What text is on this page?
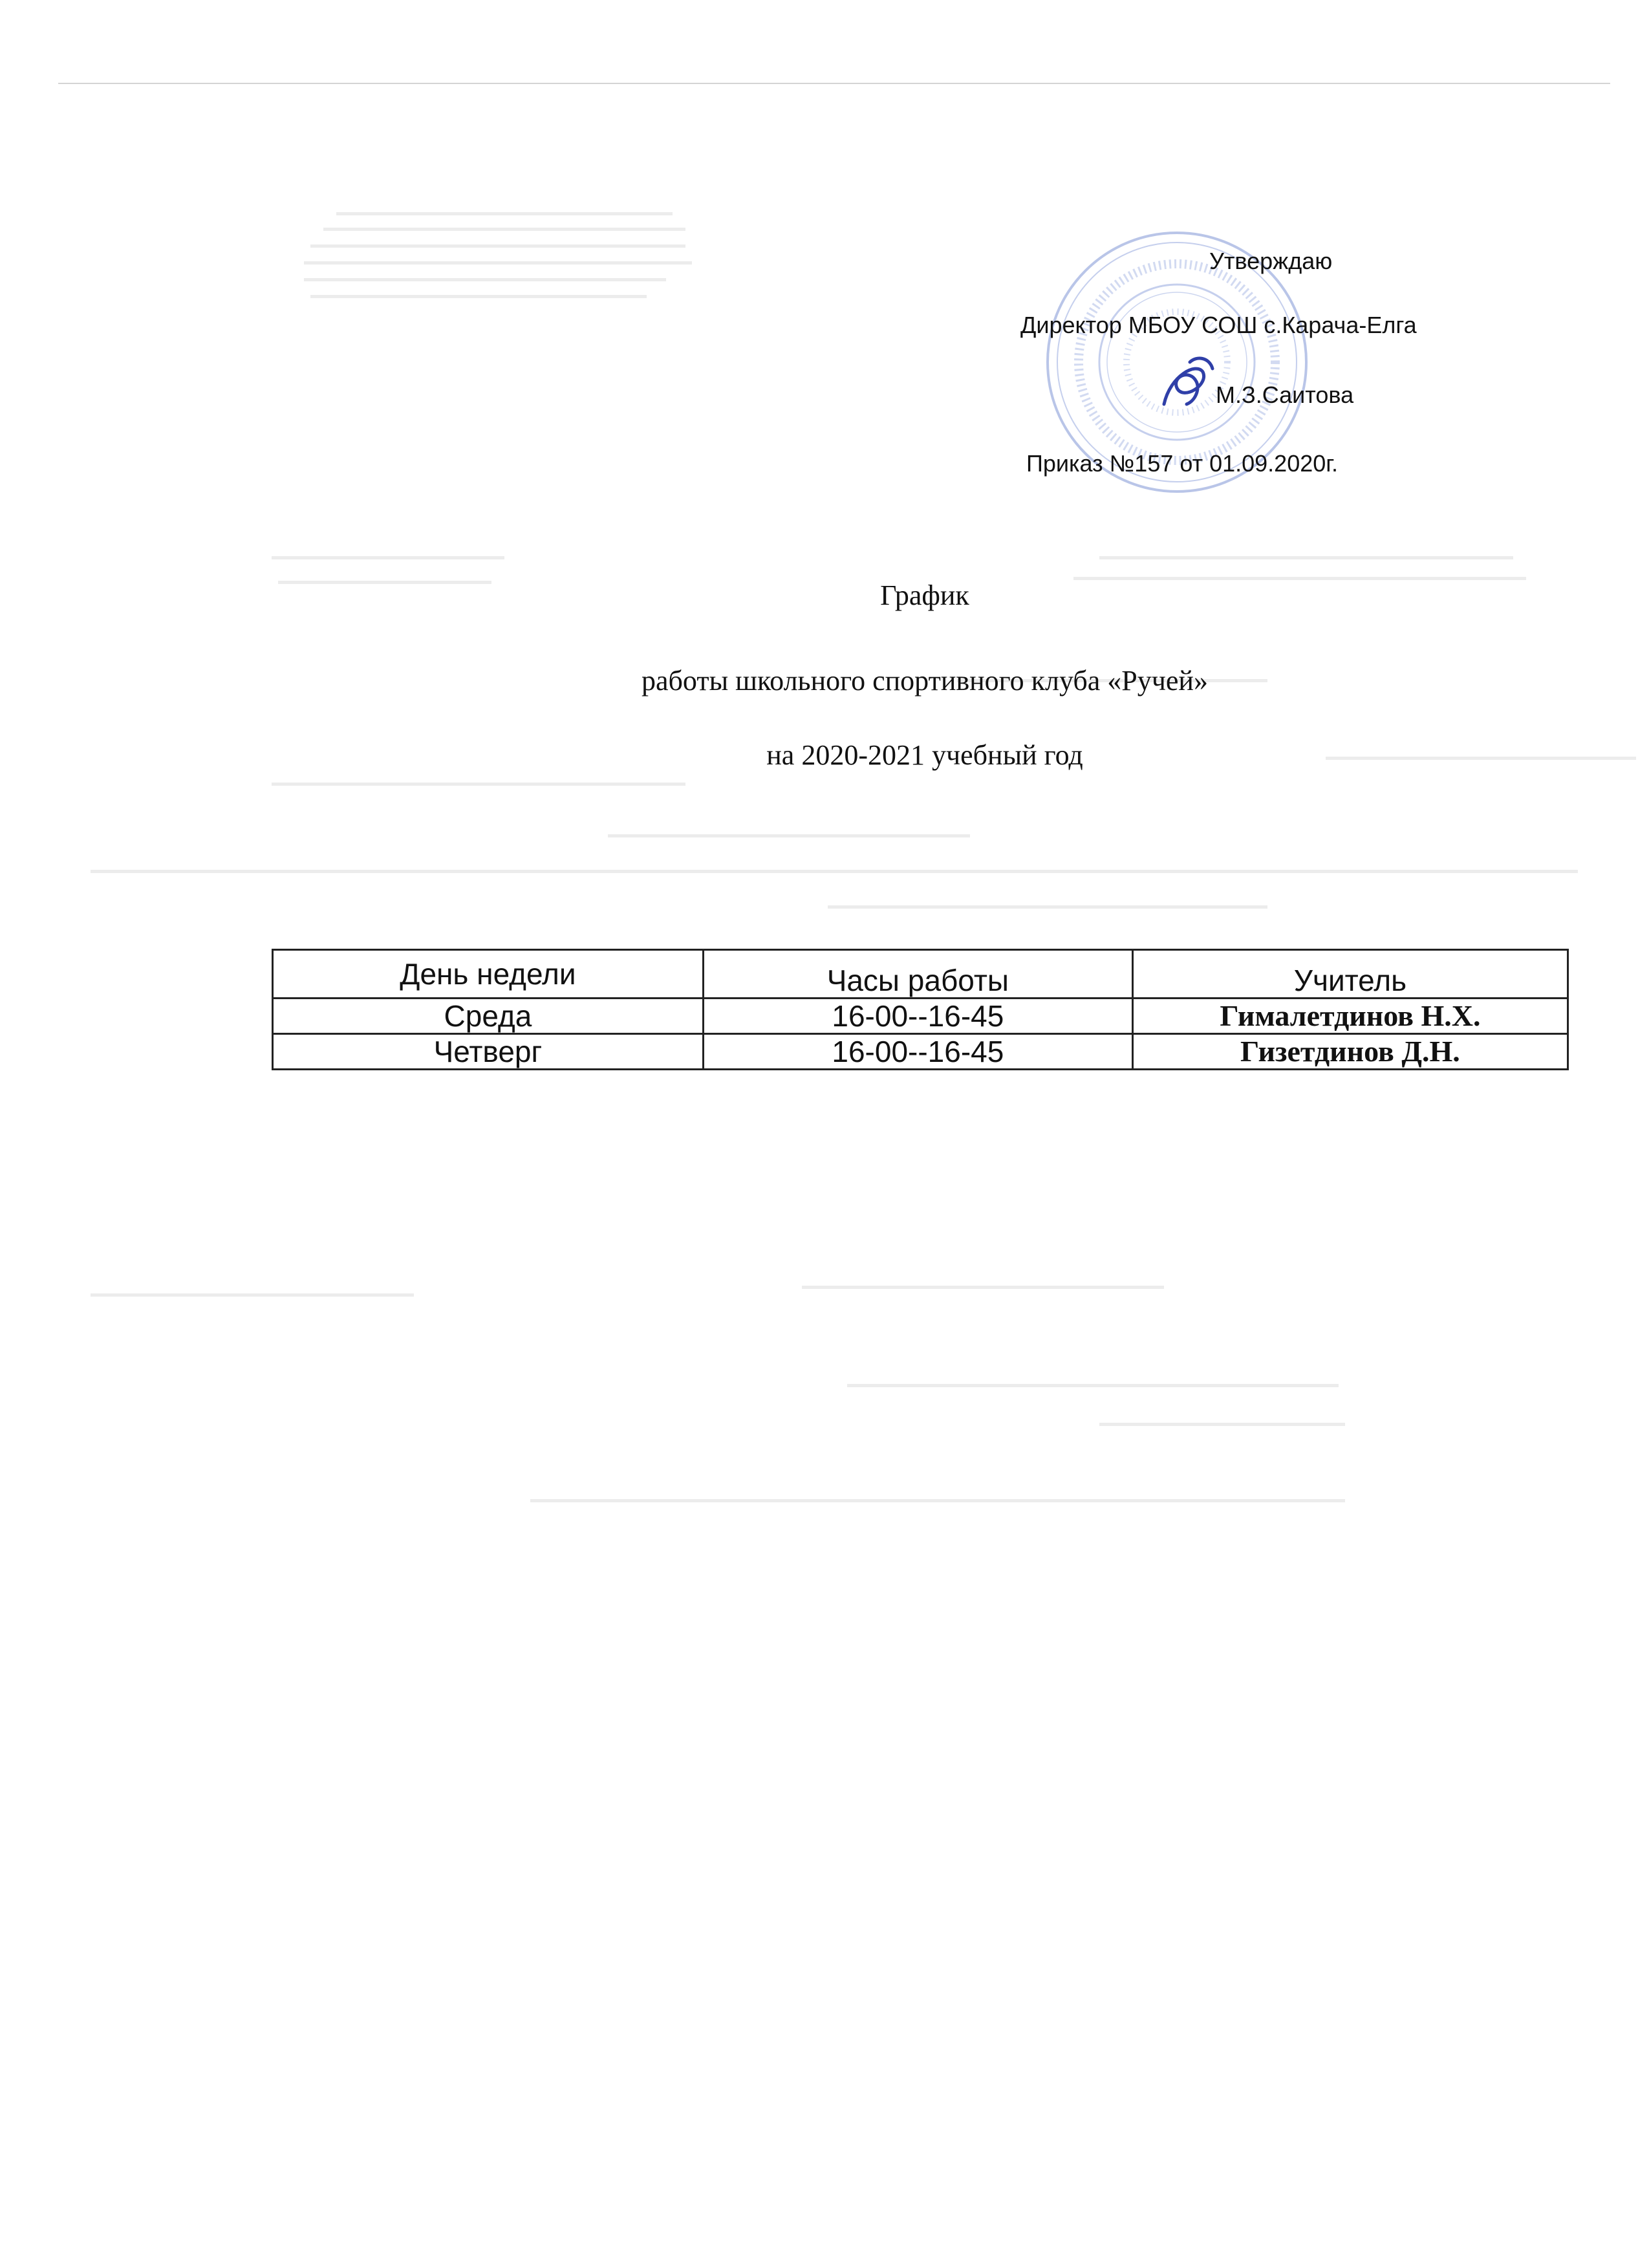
Утверждаю
Директор МБОУ СОШ с.Карача-Елга
М.З.Саитова
Приказ №157 от 01.09.2020г.
График
работы школьного спортивного клуба «Ручей»
на 2020-2021 учебный год
День недели	Часы работы	Учитель
Среда	16-00--16-45	Гималетдинов Н.Х.
Четверг	16-00--16-45	Гизетдинов Д.Н.
